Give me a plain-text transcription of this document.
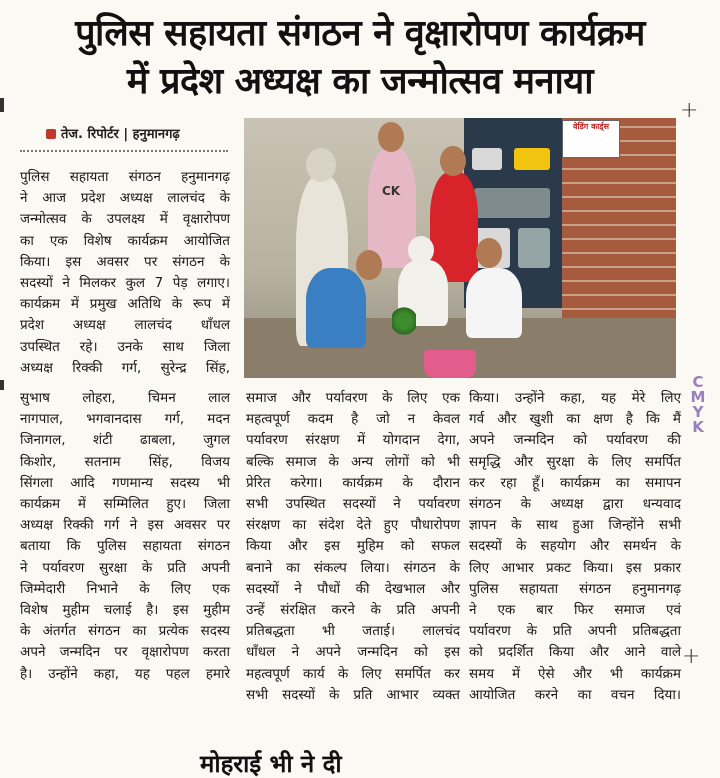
पुलिस सहायता संगठन ने वृक्षारोपण कार्यक्रम
में प्रदेश अध्यक्ष का जन्मोत्सव मनाया
+
+
तेज. रिपोर्टर | हनुमानगढ़
पुलिस सहायता संगठन हनुमानगढ़
ने आज प्रदेश अध्यक्ष लालचंद के
जन्मोत्सव के उपलक्ष्य में वृक्षारोपण
का एक विशेष कार्यक्रम आयोजित
किया। इस अवसर पर संगठन के
सदस्यों ने मिलकर कुल 7 पेड़ लगाए।
कार्यक्रम में प्रमुख अतिथि के रूप में
प्रदेश अध्यक्ष लालचंद धाँधल
उपस्थित रहे। उनके साथ जिला
अध्यक्ष रिक्की गर्ग, सुरेन्द्र सिंह,
वेडिंग कार्ड्स
CK
सुभाष लोहरा, चिमन लाल
नागपाल, भगवानदास गर्ग, मदन
जिनागल, शंटी ढाबला, जुगल
किशोर, सतनाम सिंह, विजय
सिंगला आदि गणमान्य सदस्य भी
कार्यक्रम में सम्मिलित हुए। जिला
अध्यक्ष रिक्की गर्ग ने इस अवसर पर
बताया कि पुलिस सहायता संगठन
ने पर्यावरण सुरक्षा के प्रति अपनी
जिम्मेदारी निभाने के लिए एक
विशेष मुहीम चलाई है। इस मुहीम
के अंतर्गत संगठन का प्रत्येक सदस्य
अपने जन्मदिन पर वृक्षारोपण करता
है। उन्होंने कहा, यह पहल हमारे
समाज और पर्यावरण के लिए एक
महत्वपूर्ण कदम है जो न केवल
पर्यावरण संरक्षण में योगदान देगा,
बल्कि समाज के अन्य लोगों को भी
प्रेरित करेगा। कार्यक्रम के दौरान
सभी उपस्थित सदस्यों ने पर्यावरण
संरक्षण का संदेश देते हुए पौधारोपण
किया और इस मुहिम को सफल
बनाने का संकल्प लिया। संगठन के
सदस्यों ने पौधों की देखभाल और
उन्हें संरक्षित करने के प्रति अपनी
प्रतिबद्धता भी जताई। लालचंद
धाँधल ने अपने जन्मदिन को इस
महत्वपूर्ण कार्य के लिए समर्पित कर
सभी सदस्यों के प्रति आभार व्यक्त
किया। उन्होंने कहा, यह मेरे लिए
गर्व और खुशी का क्षण है कि मैं
अपने जन्मदिन को पर्यावरण की
समृद्धि और सुरक्षा के लिए समर्पित
कर रहा हूँ। कार्यक्रम का समापन
संगठन के अध्यक्ष द्वारा धन्यवाद
ज्ञापन के साथ हुआ जिन्होंने सभी
सदस्यों के सहयोग और समर्थन के
लिए आभार प्रकट किया। इस प्रकार
पुलिस सहायता संगठन हनुमानगढ़
ने एक बार फिर समाज एवं
पर्यावरण के प्रति अपनी प्रतिबद्धता
को प्रदर्शित किया और आने वाले
समय में ऐसे और भी कार्यक्रम
आयोजित करने का वचन दिया।
C
M
Y
K
मोहराई भी ने दी
